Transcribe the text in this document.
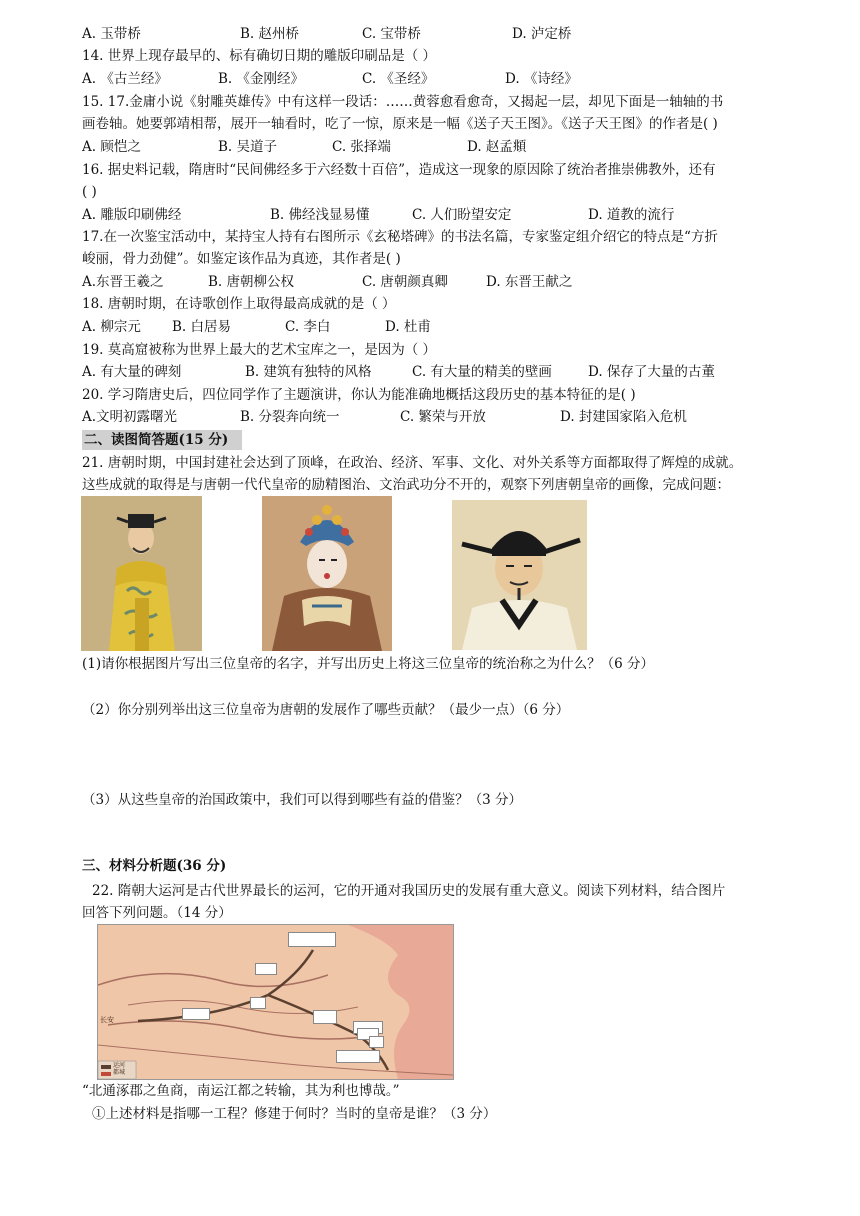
A. 玉带桥	B. 赵州桥	C. 宝带桥	D. 泸定桥
14. 世界上现存最早的、标有确切日期的雕版印刷品是（ ）
A. 《古兰经》	B. 《金刚经》	C. 《圣经》	D. 《诗经》
15. 17.金庸小说《射雕英雄传》中有这样一段话：……黄蓉愈看愈奇，又揭起一层，却见下面是一轴轴的书
画卷轴。她要郭靖相帮，展开一轴看时，吃了一惊，原来是一幅《送子天王图》。《送子天王图》的作者是( )
A. 顾恺之	B. 吴道子	C. 张择端	D. 赵孟頫
16. 据史料记载，隋唐时“民间佛经多于六经数十百倍”，造成这一现象的原因除了统治者推崇佛教外，还有
( )
A. 雕版印刷佛经	B. 佛经浅显易懂	C. 人们盼望安定	D. 道教的流行
17.在一次鉴宝活动中，某持宝人持有右图所示《玄秘塔碑》的书法名篇，专家鉴定组介绍它的特点是“方折
峻丽，骨力劲健”。如鉴定该作品为真迹，其作者是( )
A.东晋王羲之	B. 唐朝柳公权	C. 唐朝颜真卿	D. 东晋王献之
18. 唐朝时期，在诗歌创作上取得最高成就的是（ ）
A. 柳宗元 B. 白居易	C. 李白	D. 杜甫
19. 莫高窟被称为世界上最大的艺术宝库之一，是因为（ ）
A. 有大量的碑刻	B. 建筑有独特的风格	C. 有大量的精美的壁画	D. 保存了大量的古董
20. 学习隋唐史后，四位同学作了主题演讲，你认为能准确地概括这段历史的基本特征的是( )
A.文明初露曙光	B. 分裂奔向统一	C. 繁荣与开放	D. 封建国家陷入危机
二、读图简答题(15 分)
21. 唐朝时期，中国封建社会达到了顶峰，在政治、经济、军事、文化、对外关系等方面都取得了辉煌的成就。
这些成就的取得是与唐朝一代代皇帝的励精图治、文治武功分不开的，观察下列唐朝皇帝的画像，完成问题：
(1)请你根据图片写出三位皇帝的名字，并写出历史上将这三位皇帝的统治称之为什么？（6 分）
（2）你分别列举出这三位皇帝为唐朝的发展作了哪些贡献？（最少一点）（6 分）
（3）从这些皇帝的治国政策中，我们可以得到哪些有益的借鉴？（3 分）
三、材料分析题(36 分)
22. 隋朝大运河是古代世界最长的运河，它的开通对我国历史的发展有重大意义。阅读下列材料，结合图片
回答下列问题。（14 分）
长安
运河
都城
“北通涿郡之鱼商，南运江都之转输，其为利也博哉。”
①上述材料是指哪一工程？修建于何时？当时的皇帝是谁？（3 分）
